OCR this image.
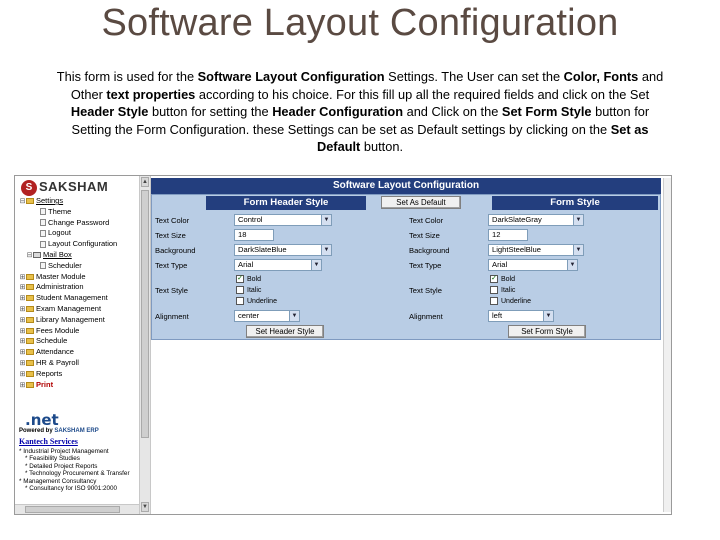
Software Layout Configuration
This form is used for the Software Layout Configuration Settings. The User can set the Color, Fonts and Other text properties according to his choice. For this fill up all the required fields and click on the Set Header Style button for setting the Header Configuration and Click on the Set Form Style button for Setting the Form Configuration. these Settings can be set as Default settings by clicking on the Set as Default button.
S SAKSHAM
⊟ Settings
Theme
Change Password
Logout
Layout Configuration
⊟ Mail Box
Scheduler
⊞ Master Module
⊞ Administration
⊞ Student Management
⊞ Exam Management
⊞ Library Management
⊞ Fees Module
⊞ Schedule
⊞ Attendance
⊞ HR & Payroll
⊞ Reports
⊞ Print
.net
Powered by SAKSHAM ERP
Kantech Services
* Industrial Project Management
* Feasibility Studies
* Detailed Project Reports
* Technology Procurement & Transfer
* Management Consultancy
* Consultancy for ISO 9001:2000
▲
▼
Software Layout Configuration
Form Header Style	Form Style
Set As Default
Text Color	Control	▼
Text Size	18
Background	DarkSlateBlue	▼
Text Type	Arial	▼
Text Style
✓ Bold
Italic
Underline
Alignment	center	▼
Set Header Style
Text Color	DarkSlateGray	▼
Text Size	12
Background	LightSteelBlue	▼
Text Type	Arial	▼
Text Style
✓ Bold
Italic
Underline
Alignment	left	▼
Set Form Style
